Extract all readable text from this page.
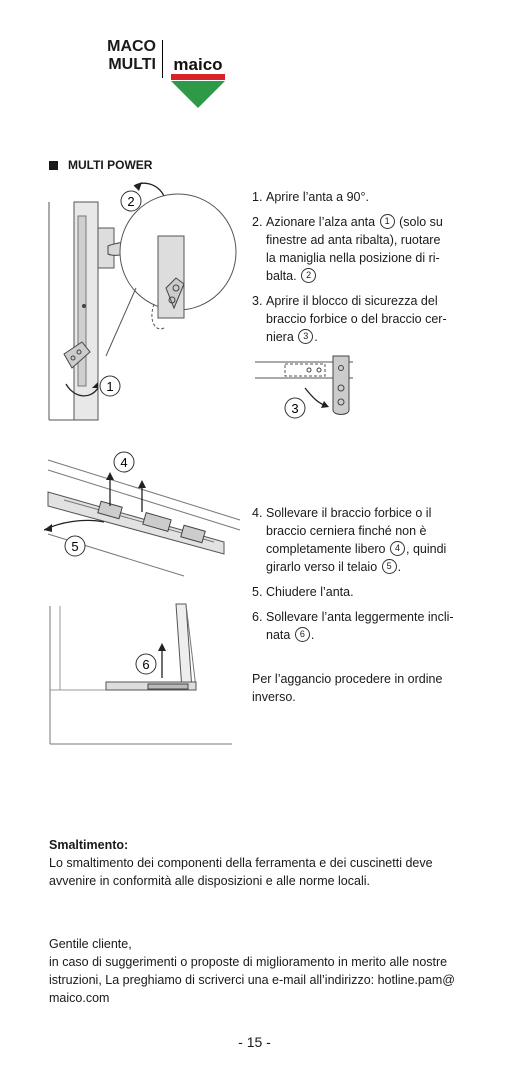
MACO
MULTI maico
MULTI POWER
2
1
1. Aprire l’anta a 90°.
2. Azionare l’alza anta 1 (solo su finestre ad anta ribalta), ruotare la maniglia nella posizione di ri-balta. 2
3. Aprire il blocco di sicurezza del braccio forbice o del braccio cer-niera 3 .
3
4
5
4. Sollevare il braccio forbice o il braccio cerniera finché non è completamente libero 4 , quindi girarlo verso il telaio 5 .
5. Chiudere l’anta.
6. Sollevare l’anta leggermente incli-nata 6 .
6
Per l’aggancio procedere in ordine inverso.
Smaltimento:
Lo smaltimento dei componenti della ferramenta e dei cuscinetti deve avvenire in conformità alle disposizioni e alle norme locali.
Gentile cliente,
in caso di suggerimenti o proposte di miglioramento in merito alle nostre istruzioni, La preghiamo di scriverci una e-mail all’indirizzo: hotline.pam@ maico.com
- 15 -
